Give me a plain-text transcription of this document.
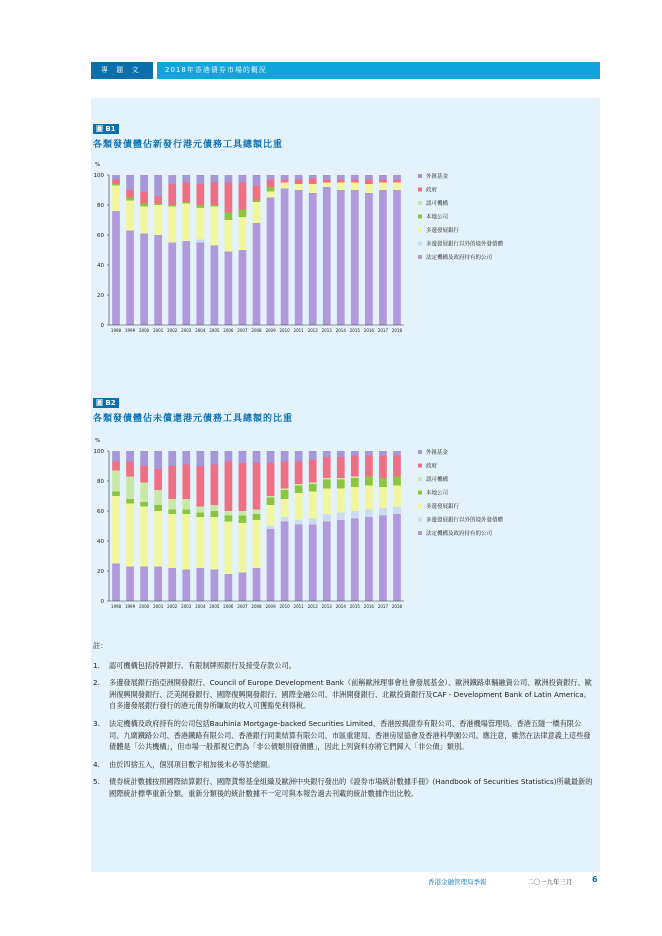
專 題 文 章
2018年香港債券市場的概況
圖 B1
各類發債體佔新發行港元債務工具總額比重
%
0
20
40
60
80
100
1998 1999 2000 2001 2002 2003 2004 2005 2006 2007 2008 2009 2010 2011 2012 2013 2014 2015 2016 2017 2018
外匯基金
政府
認可機構
本地公司
多邊發展銀行
多邊發展銀行以外的境外發債體
法定機構及政府持有的公司
圖 B2
各類發債體佔未償還港元債務工具總額的比重
%
0
20
40
60
80
100
1998 1999 2000 2001 2002 2003 2004 2005 2006 2007 2008 2009 2010 2011 2012 2013 2014 2015 2016 2017 2018
外匯基金
政府
認可機構
本地公司
多邊發展銀行
多邊發展銀行以外的境外發債體
法定機構及政府持有的公司
註：
1. 認可機構包括持牌銀行、有限制牌照銀行及接受存款公司。
2. 多邊發展銀行指亞洲開發銀行、Council of Europe Development Bank（前稱歐洲理事會社會發展基金）、歐洲鐵路車輛融資公司、歐洲投資銀行、歐洲復興開發銀行、泛美開發銀行、國際復興開發銀行、國際金融公司、非洲開發銀行、北歐投資銀行及CAF - Development Bank of Latin America。自多邊發展銀行發行的港元債券所賺取的收入可獲豁免利得稅。
3. 法定機構及政府持有的公司包括Bauhinia Mortgage-backed Securities Limited、香港按揭證券有限公司、香港機場管理局、香港五隧一橋有限公司、九廣鐵路公司、香港鐵路有限公司、香港銀行同業結算有限公司、市區重建局、香港房屋協會及香港科學園公司。應注意，雖然在法律意義上這些發債體是「公共機構」，但市場一般都視它們為「非公債類別發債體」，因此上列資料亦將它們歸入「非公債」類別。
4. 由於四捨五入，個別項目數字相加後未必等於總額。
5. 債券統計數據按照國際結算銀行、國際貨幣基金組織及歐洲中央銀行發出的《證券市場統計數據手冊》(Handbook of Securities Statistics)所載最新的國際統計標準重新分類。重新分類後的統計數據不一定可與本報告過去刊載的統計數據作出比較。
香港金融管理局季報	二〇一九年三月 6
